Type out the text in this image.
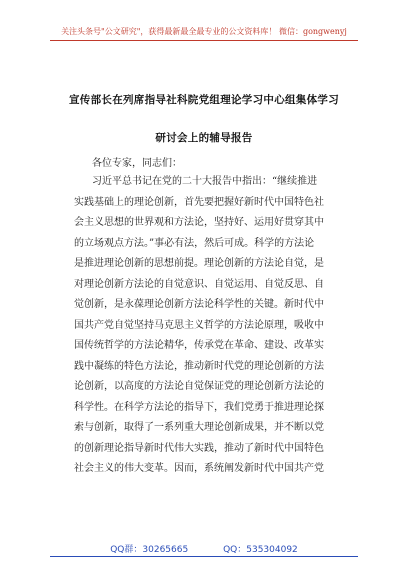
关注头条号"公文研究"，获得最新最全最专业的公文资料库！ 微信：gongwenyj
宣传部长在列席指导社科院党组理论学习中心组集体学习
研讨会上的辅导报告
各位专家，同志们：
习近平总书记在党的二十大报告中指出：“继续推进
实践基础上的理论创新，首先要把握好新时代中国特色社
会主义思想的世界观和方法论，坚持好、运用好贯穿其中
的立场观点方法。”事必有法，然后可成。科学的方法论
是推进理论创新的思想前提。理论创新的方法论自觉，是
对理论创新方法论的自觉意识、自觉运用、自觉反思、自
觉创新，是永葆理论创新方法论科学性的关键。新时代中
国共产党自觉坚持马克思主义哲学的方法论原理，吸收中
国传统哲学的方法论精华，传承党在革命、建设、改革实
践中凝练的特色方法论，推动新时代党的理论创新的方法
论创新，以高度的方法论自觉保证党的理论创新方法论的
科学性。在科学方法论的指导下，我们党勇于推进理论探
索与创新，取得了一系列重大理论创新成果，并不断以党
的创新理论指导新时代伟大实践，推动了新时代中国特色
社会主义的伟大变革。因而，系统阐发新时代中国共产党
QQ群：30265665	QQ：535304092
